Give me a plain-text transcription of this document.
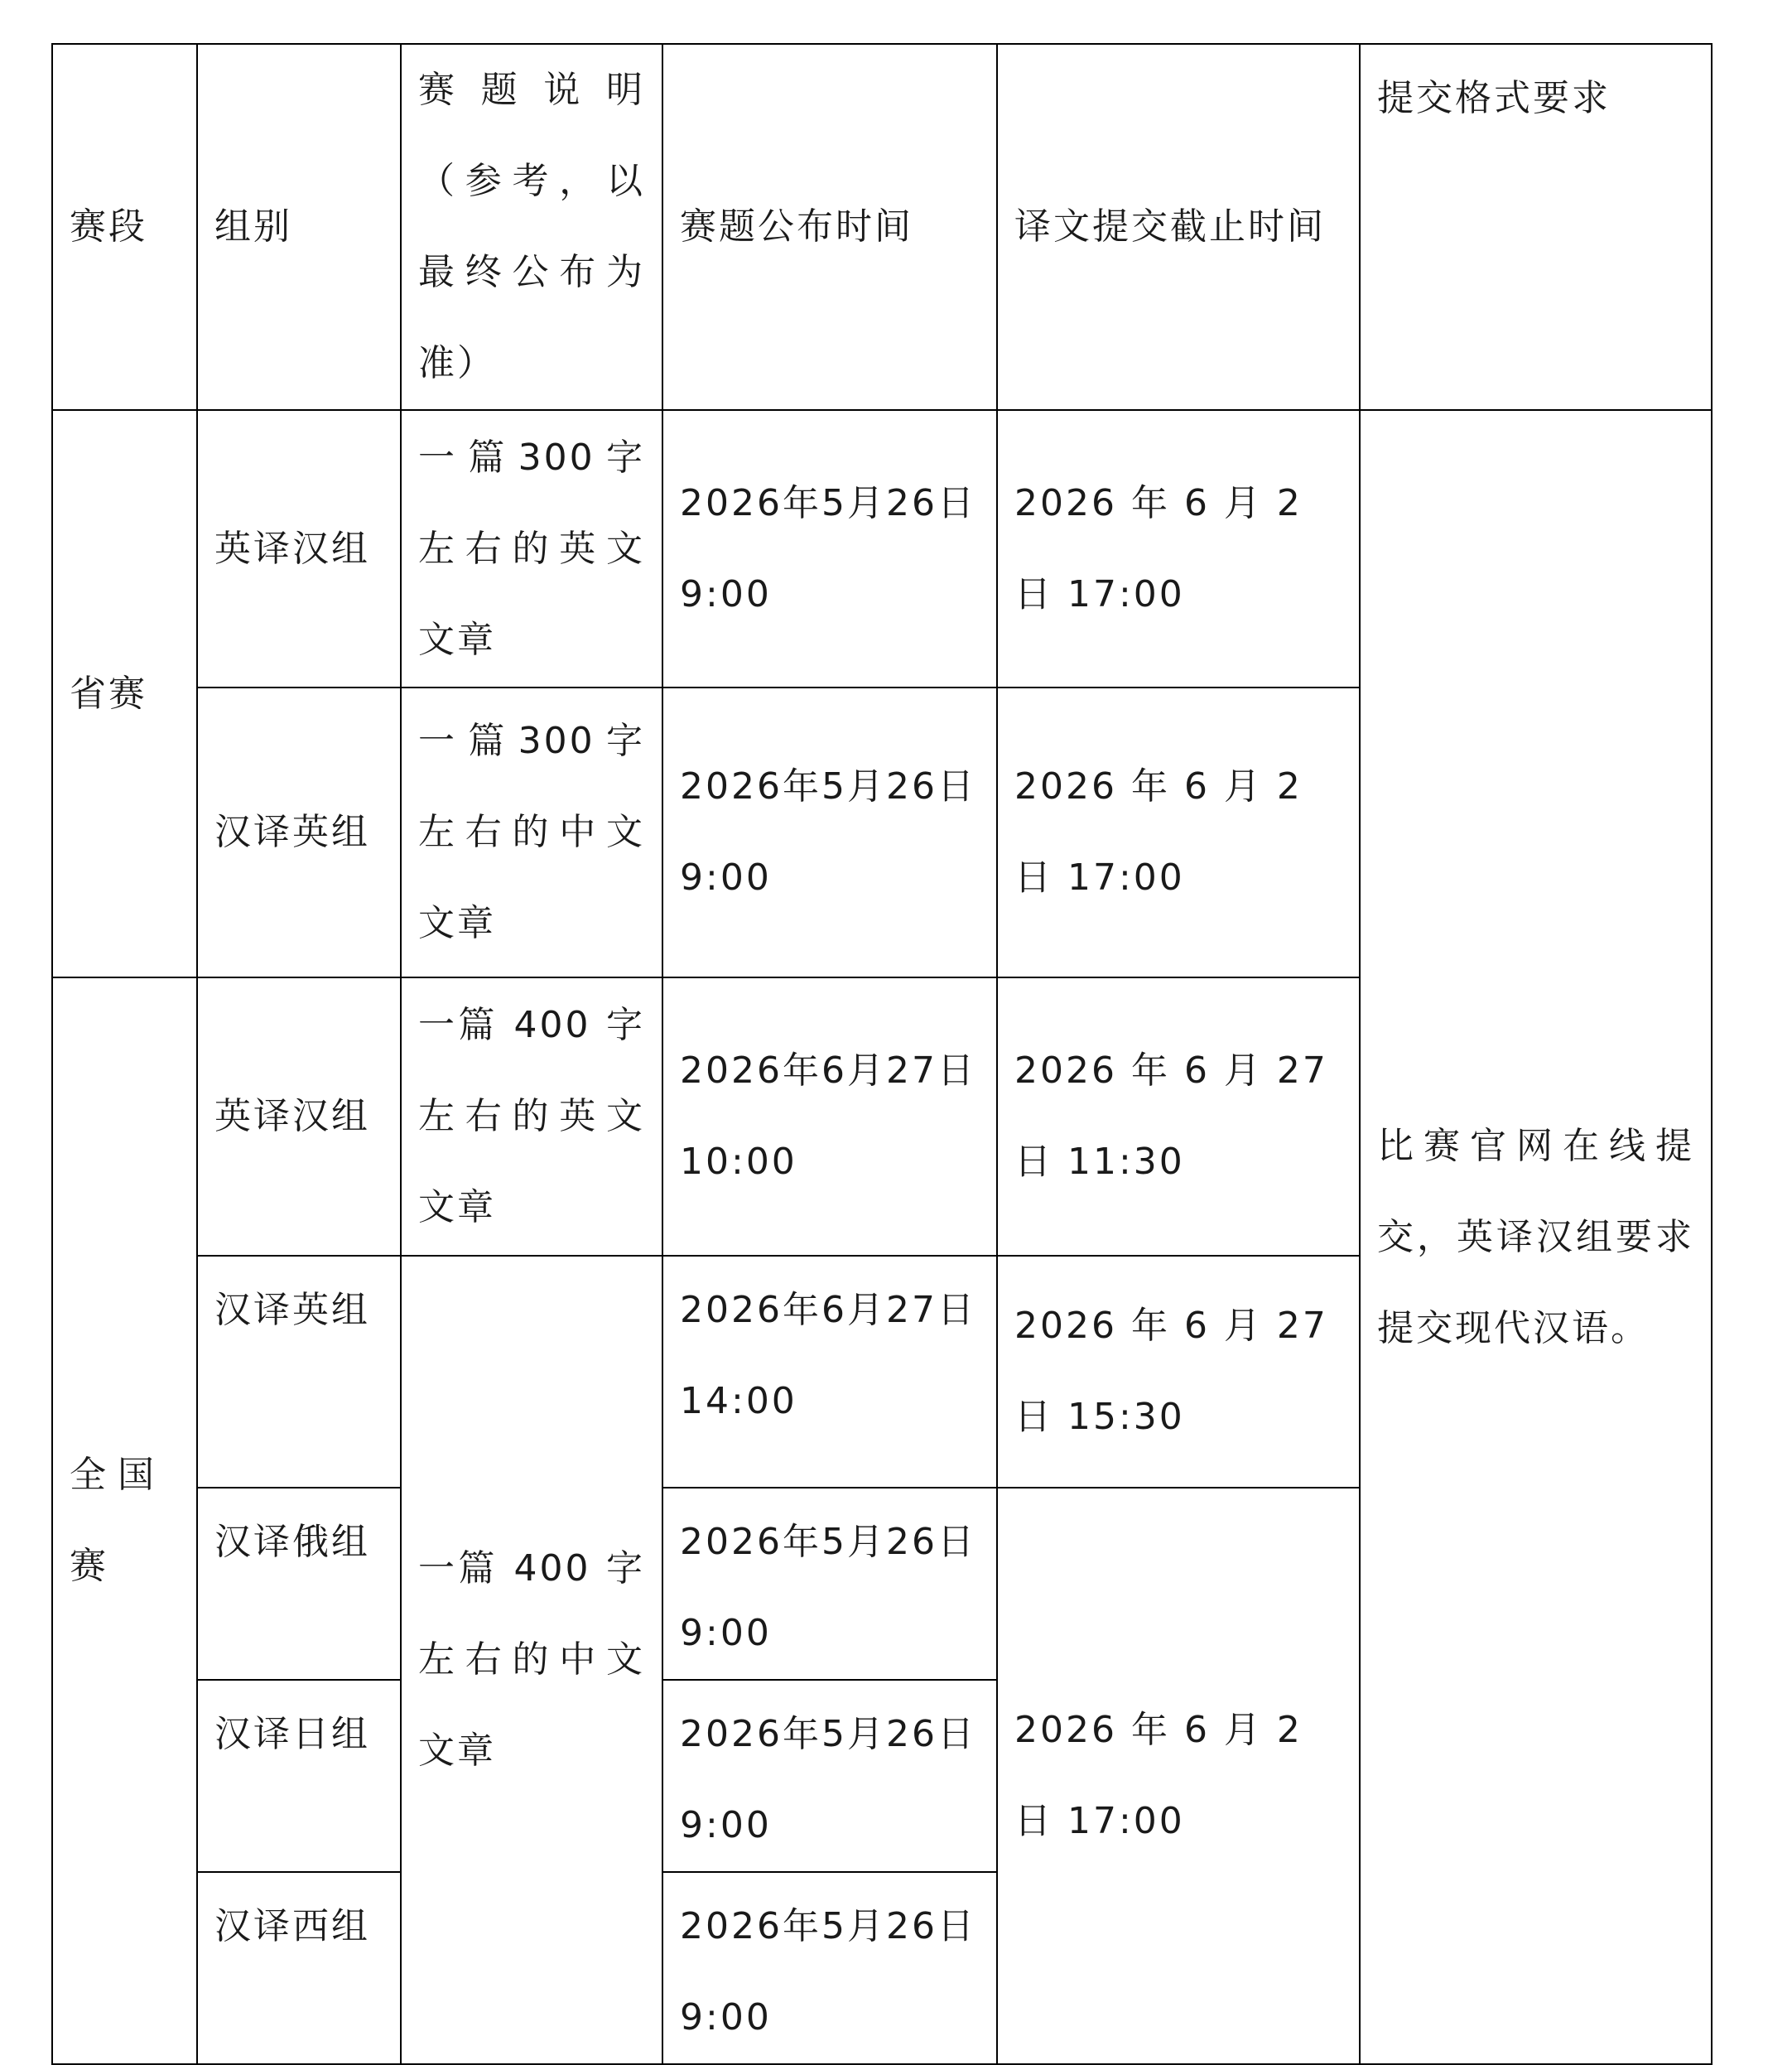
赛段	组别	赛题说明（参考，以最终公布为准）	赛题公布时间	译文提交截止时间	提交格式要求
省赛	英译汉组	一篇300字左右的英文文章	2026年5月26日9:00	2026 年 6 月 2 日 17:00	比赛官网在线提交，英译汉组要求提交现代汉语。
	汉译英组	一篇300字左右的中文文章	2026年5月26日9:00	2026 年 6 月 2 日 17:00	
全国赛	英译汉组	一篇 400 字左右的英文文章	2026年6月27日10:00	2026 年 6 月 27 日 11:30	
	汉译英组	一篇 400 字左右的中文文章	2026年6月27日14:00	2026 年 6 月 27 日 15:30	
	汉译俄组		2026年5月26日9:00	2026 年 6 月 2 日 17:00	
	汉译日组		2026年5月26日9:00		
	汉译西组		2026年5月26日9:00		
